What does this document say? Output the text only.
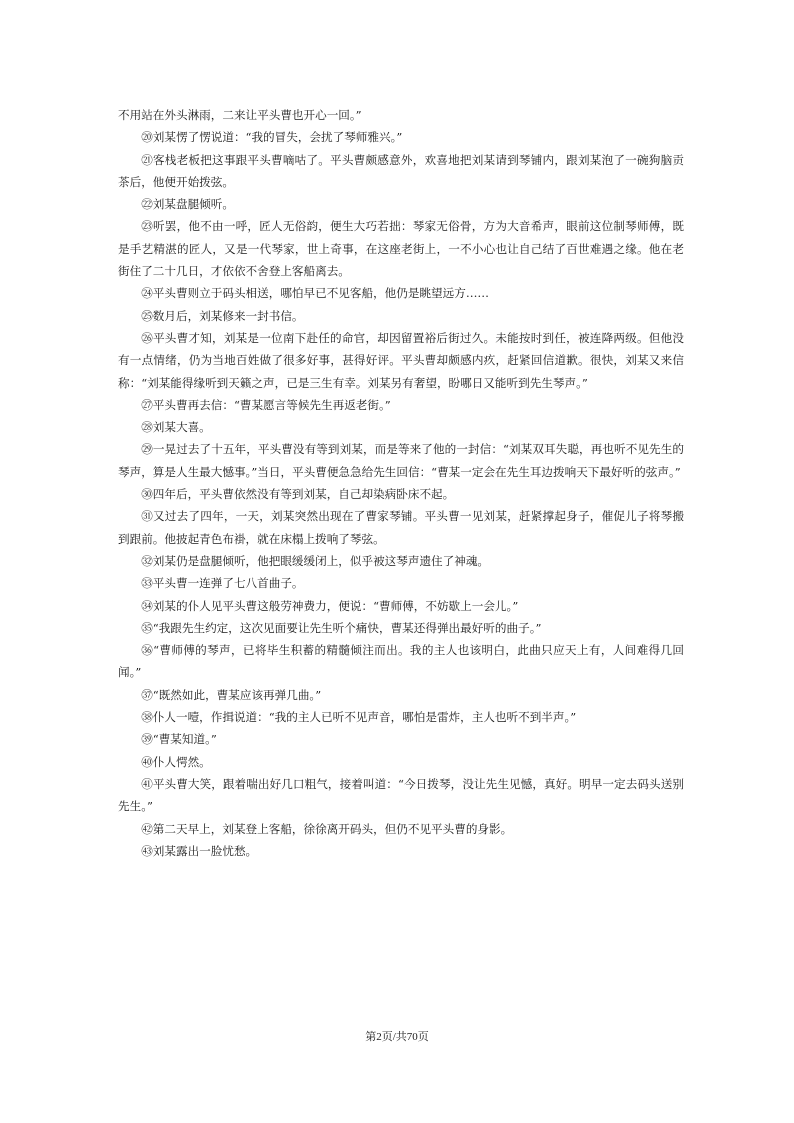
不用站在外头淋雨，二来让平头曹也开心一回。”

⑳刘某愣了愣说道：“我的冒失，会扰了琴师雅兴。”

㉑客栈老板把这事跟平头曹嘀咕了。平头曹颇感意外，欢喜地把刘某请到琴铺内，跟刘某泡了一碗狗脑贡茶后，他便开始拨弦。

㉒刘某盘腿倾听。

㉓听罢，他不由一呼，匠人无俗韵，便生大巧若拙：琴家无俗骨，方为大音希声，眼前这位制琴师傅，既是手艺精湛的匠人，又是一代琴家，世上奇事，在这座老街上，一不小心也让自己结了百世难遇之缘。他在老街住了二十几日，才依依不舍登上客船离去。

㉔平头曹则立于码头相送，哪怕早已不见客船，他仍是眺望远方……

㉕数月后，刘某修来一封书信。

㉖平头曹才知，刘某是一位南下赴任的命官，却因留置裕后街过久。未能按时到任，被连降两级。但他没有一点情绪，仍为当地百姓做了很多好事，甚得好评。平头曹却颇感内疚，赶紧回信道歉。很快，刘某又来信称：“刘某能得缘听到天籁之声，已是三生有幸。刘某另有奢望，盼哪日又能听到先生琴声。”

㉗平头曹再去信：“曹某愿言等候先生再返老街。”

㉘刘某大喜。

㉙一晃过去了十五年，平头曹没有等到刘某，而是等来了他的一封信：“刘某双耳失聪，再也听不见先生的琴声，算是人生最大憾事。”当日，平头曹便急急给先生回信：“曹某一定会在先生耳边拨响天下最好听的弦声。”

㉚四年后，平头曹依然没有等到刘某，自己却染病卧床不起。

㉛又过去了四年，一天，刘某突然出现在了曹家琴铺。平头曹一见刘某，赶紧撑起身子，催促儿子将琴搬到跟前。他披起青色布褂，就在床榻上拨响了琴弦。

㉜刘某仍是盘腿倾听，他把眼缓缓闭上，似乎被这琴声遗住了神魂。

㉝平头曹一连弹了七八首曲子。

㉞刘某的仆人见平头曹这般劳神费力，便说：“曹师傅，不妨歇上一会儿。”

㉟“我跟先生约定，这次见面要让先生听个痛快，曹某还得弹出最好听的曲子。”

㊱“曹师傅的琴声，已将毕生积蓄的精髓倾注而出。我的主人也该明白，此曲只应天上有，人间难得几回闻。”

㊲“既然如此，曹某应该再弹几曲。”

㊳仆人一噎，作揖说道：“我的主人已听不见声音，哪怕是雷炸，主人也听不到半声。”

㊴“曹某知道。”

㊵仆人愕然。

㊶平头曹大笑，跟着喘出好几口粗气，接着叫道：“今日拨琴，没让先生见憾，真好。明早一定去码头送别先生。”

㊷第二天早上，刘某登上客船，徐徐离开码头，但仍不见平头曹的身影。

㊸刘某露出一脸忧愁。

第2页/共70页
